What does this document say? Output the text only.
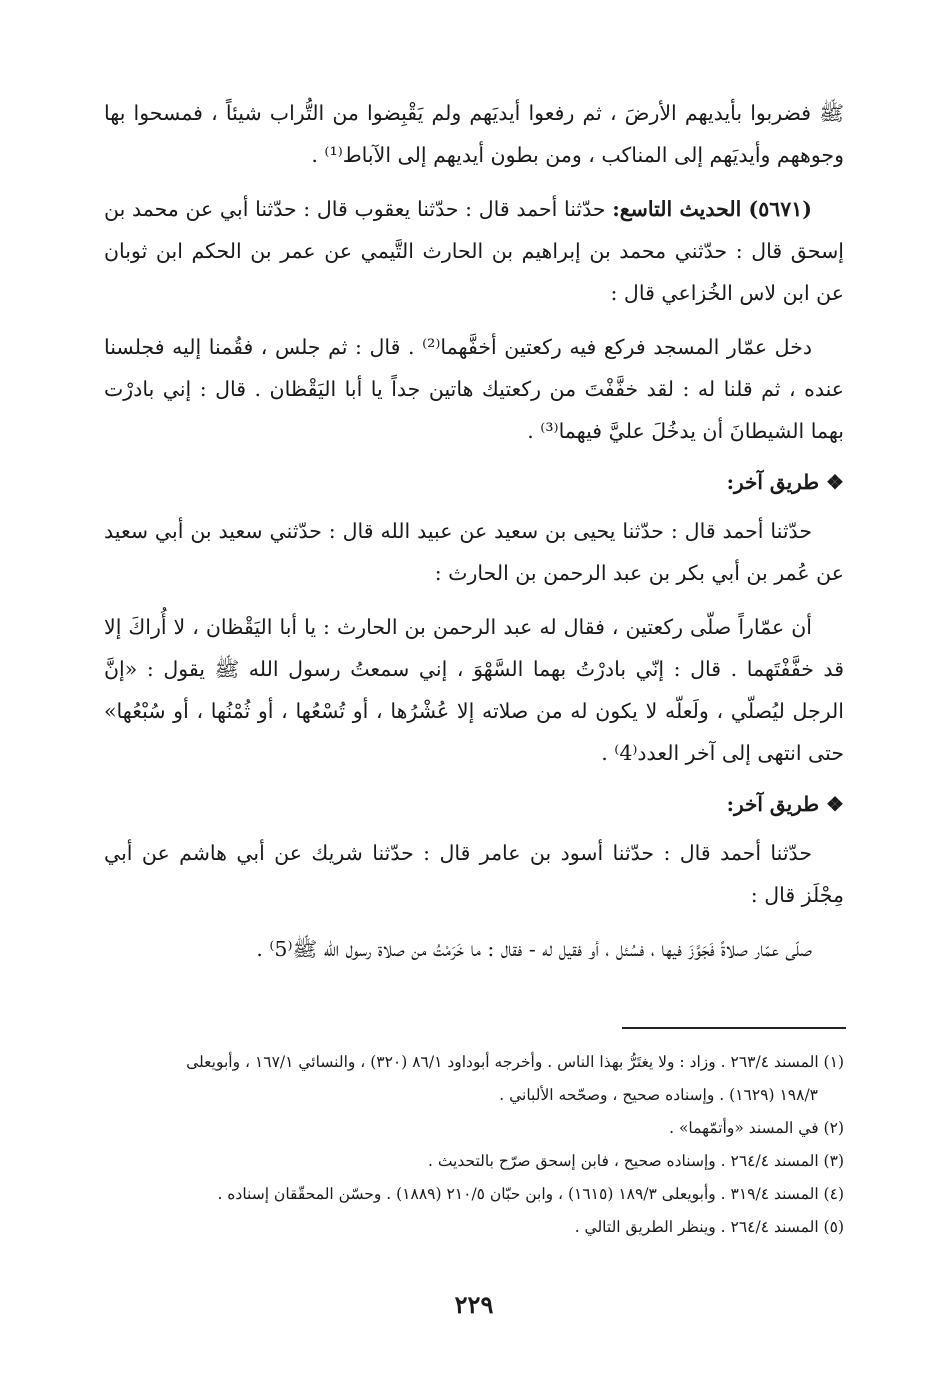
ﷺ فضربوا بأيديهم الأرضَ ، ثم رفعوا أيديَهم ولم يَقْبِضوا من التُّراب شيئاً ، فمسحوا بها وجوههم وأيديَهم إلى المناكب ، ومن بطون أيديهم إلى الآباط⁽¹⁾ .

(٥٦٧١) الحديث التاسع: حدّثنا أحمد قال : حدّثنا يعقوب قال : حدّثنا أبي عن محمد بن إسحق قال : حدّثني محمد بن إبراهيم بن الحارث التَّيمي عن عمر بن الحكم ابن ثوبان عن ابن لاس الخُزاعي قال :

دخل عمّار المسجد فركع فيه ركعتين أخفَّهما⁽²⁾ . قال : ثم جلس ، فقُمنا إليه فجلسنا عنده ، ثم قلنا له : لقد خفَّفْتَ من ركعتيك هاتين جداً يا أبا اليَقْظان . قال : إني بادرْت بهما الشيطانَ أن يدخُلَ عليَّ فيهما⁽³⁾ .

❖ طريق آخر:

حدّثنا أحمد قال : حدّثنا يحيى بن سعيد عن عبيد الله قال : حدّثني سعيد بن أبي سعيد عن عُمر بن أبي بكر بن عبد الرحمن بن الحارث :

أن عمّاراً صلّى ركعتين ، فقال له عبد الرحمن بن الحارث : يا أبا اليَقْظان ، لا أُراكَ إلا قد خفَّفْتَهما . قال : إنّي بادرْتُ بهما السَّهْوَ ، إني سمعتُ رسول الله ﷺ يقول : «إنَّ الرجل ليُصلّي ، ولَعلّه لا يكون له من صلاته إلا عُشْرُها ، أو تُسْعُها ، أو ثُمْنُها ، أو سُبْعُها» حتى انتهى إلى آخر العدد⁽4⁾ .

❖ طريق آخر:

حدّثنا أحمد قال : حدّثنا أسود بن عامر قال : حدّثنا شريك عن أبي هاشم عن أبي مِجْلَز قال :

صلّى عمّار صلاةً فَجَوَّزَ فيها ، فسُئل ، أو فقيل له - فقال : ما خَرَمْتُ من صلاة رسول الله ﷺ⁽5⁾ .

(١) المسند ٢٦٣/٤ . وزاد : ولا يغتَرُّ بهذا الناس . وأخرجه أبوداود ٨٦/١ (٣٢٠) ، والنسائي ١٦٧/١ ، وأبويعلى

١٩٨/٣ (١٦٢٩) . وإسناده صحيح ، وصحّحه الألباني .

(٢) في المسند «وأتمّهما» .

(٣) المسند ٢٦٤/٤ . وإسناده صحيح ، فابن إسحق صرّح بالتحديث .

(٤) المسند ٣١٩/٤ . وأبويعلى ١٨٩/٣ (١٦١٥) ، وابن حبّان ٢١٠/٥ (١٨٨٩) . وحسّن المحقّقان إسناده .

(٥) المسند ٢٦٤/٤ . وينظر الطريق التالي .

٢٢٩
